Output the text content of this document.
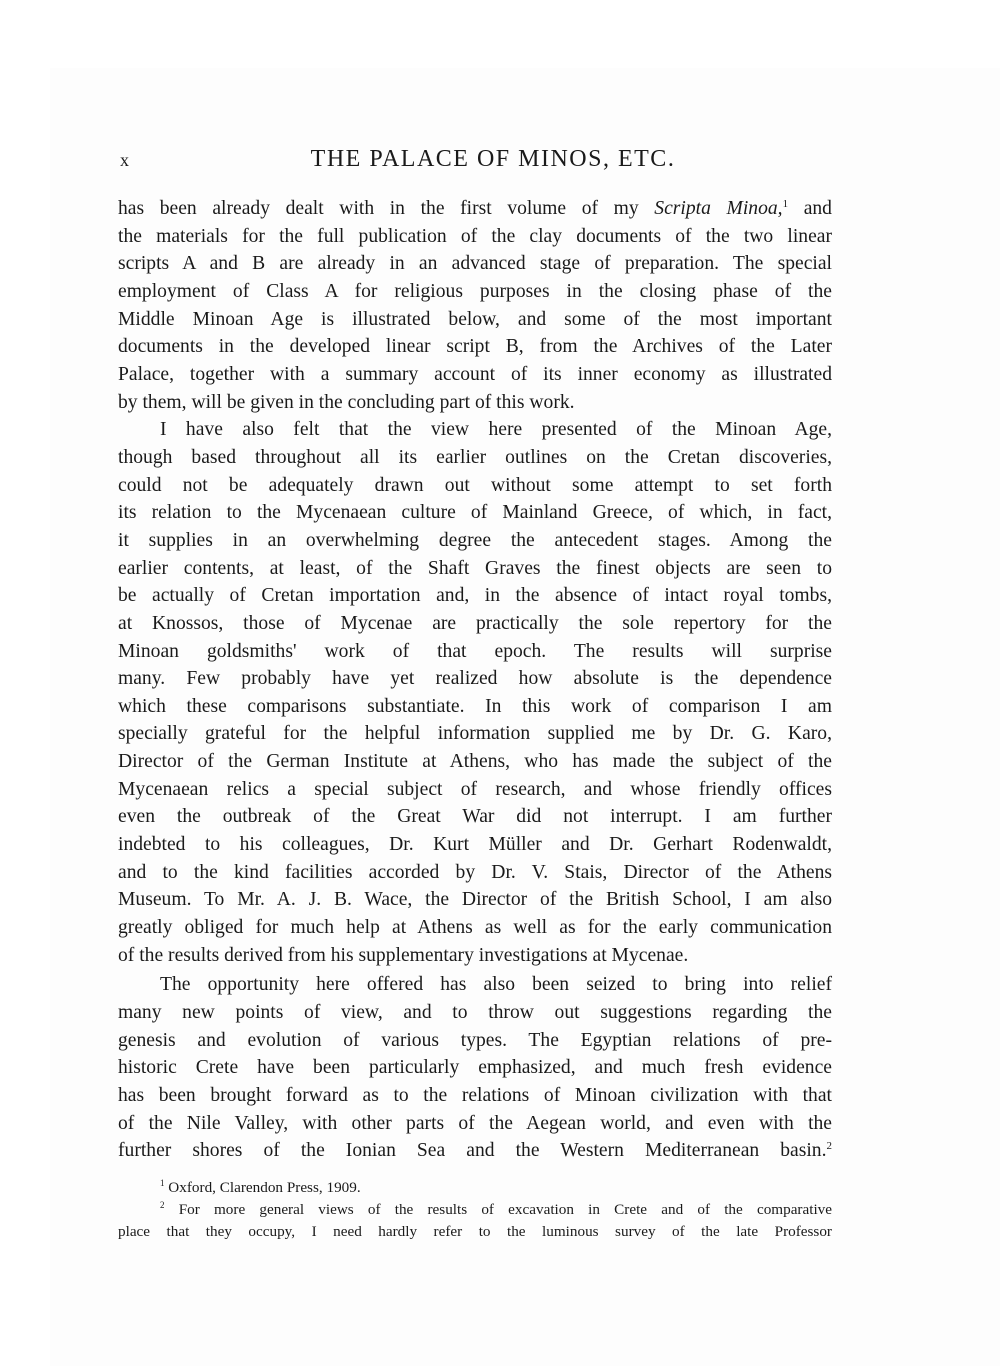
x	THE PALACE OF MINOS, ETC.

has been already dealt with in the first volume of my Scripta Minoa,$^1$ and
the materials for the full publication of the clay documents of the two linear
scripts A and B are already in an advanced stage of preparation. The special
employment of Class A for religious purposes in the closing phase of the
Middle Minoan Age is illustrated below, and some of the most important
documents in the developed linear script B, from the Archives of the Later
Palace, together with a summary account of its inner economy as illustrated
by them, will be given in the concluding part of this work.

I have also felt that the view here presented of the Minoan Age,
though based throughout all its earlier outlines on the Cretan discoveries,
could not be adequately drawn out without some attempt to set forth
its relation to the Mycenaean culture of Mainland Greece, of which, in fact,
it supplies in an overwhelming degree the antecedent stages. Among the
earlier contents, at least, of the Shaft Graves the finest objects are seen to
be actually of Cretan importation and, in the absence of intact royal tombs,
at Knossos, those of Mycenae are practically the sole repertory for the
Minoan goldsmiths' work of that epoch. The results will surprise
many. Few probably have yet realized how absolute is the dependence
which these comparisons substantiate. In this work of comparison I am
specially grateful for the helpful information supplied me by Dr. G. Karo,
Director of the German Institute at Athens, who has made the subject of the
Mycenaean relics a special subject of research, and whose friendly offices
even the outbreak of the Great War did not interrupt. I am further
indebted to his colleagues, Dr. Kurt Müller and Dr. Gerhart Rodenwaldt,
and to the kind facilities accorded by Dr. V. Stais, Director of the Athens
Museum. To Mr. A. J. B. Wace, the Director of the British School, I am also
greatly obliged for much help at Athens as well as for the early communication
of the results derived from his supplementary investigations at Mycenae.

The opportunity here offered has also been seized to bring into relief
many new points of view, and to throw out suggestions regarding the
genesis and evolution of various types. The Egyptian relations of pre-
historic Crete have been particularly emphasized, and much fresh evidence
has been brought forward as to the relations of Minoan civilization with that
of the Nile Valley, with other parts of the Aegean world, and even with the
further shores of the Ionian Sea and the Western Mediterranean basin.$^2$

$^1$ Oxford, Clarendon Press, 1909.
$^2$ For more general views of the results of excavation in Crete and of the comparative
place that they occupy, I need hardly refer to the luminous survey of the late Professor
